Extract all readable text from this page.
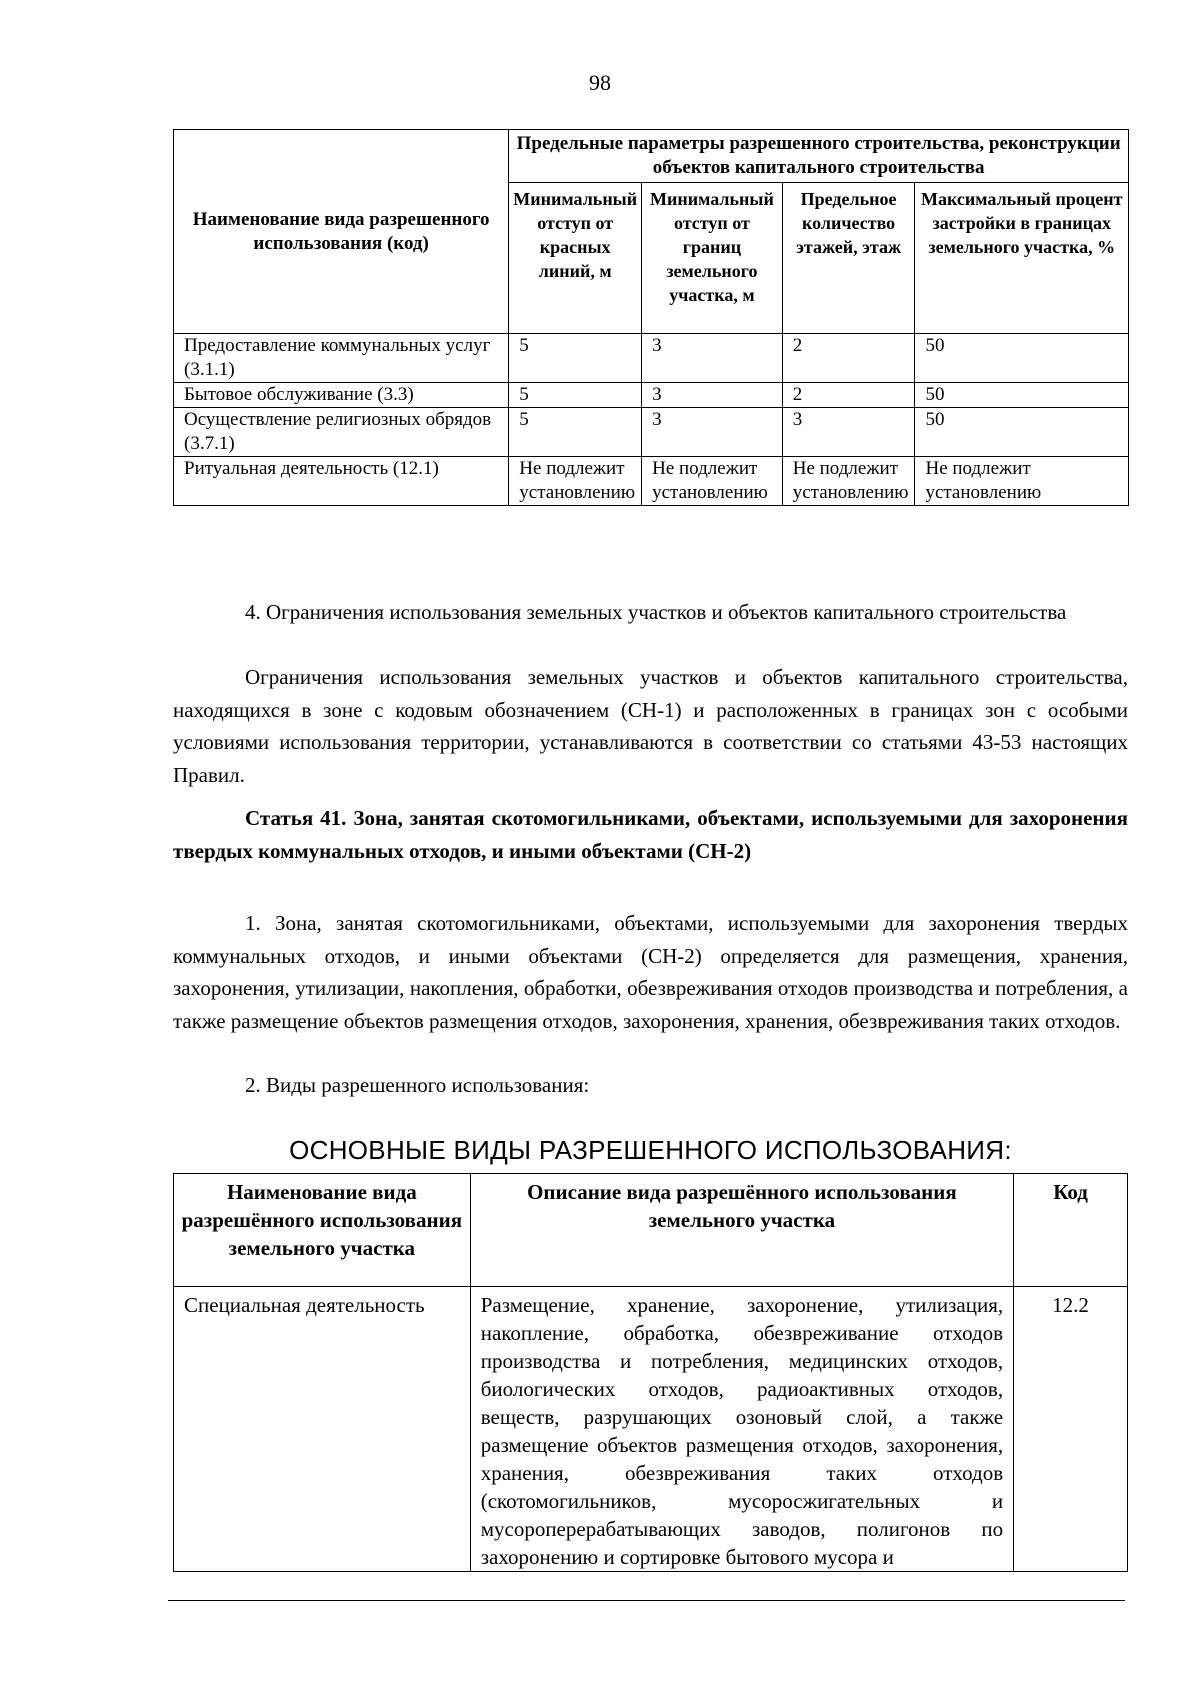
98
Наименование вида разрешенного использования (код)	Предельные параметры разрешенного строительства, реконструкции объектов капитального строительства			
	Минимальный отступ от красных линий, м	Минимальный отступ от границ земельного участка, м	Предельное количество этажей, этаж	Максимальный процент застройки в границах земельного участка, %
Предоставление коммунальных услуг (3.1.1)	5	3	2	50
Бытовое обслуживание (3.3)	5	3	2	50
Осуществление религиозных обрядов (3.7.1)	5	3	3	50
Ритуальная деятельность (12.1)	Не подлежит установлению	Не подлежит установлению	Не подлежит установлению	Не подлежит установлению
4. Ограничения использования земельных участков и объектов капитального строительства
Ограничения использования земельных участков и объектов капитального строительства, находящихся в зоне с кодовым обозначением (СН-1) и расположенных в границах зон с особыми условиями использования территории, устанавливаются в соответствии со статьями 43-53 настоящих Правил.
Статья 41. Зона, занятая скотомогильниками, объектами, используемыми для захоронения твердых коммунальных отходов, и иными объектами (СН-2)
1. Зона, занятая скотомогильниками, объектами, используемыми для захоронения твердых коммунальных отходов, и иными объектами (СН-2) определяется для размещения, хранения, захоронения, утилизации, накопления, обработки, обезвреживания отходов производства и потребления, а также размещение объектов размещения отходов, захоронения, хранения, обезвреживания таких отходов.
2. Виды разрешенного использования:
ОСНОВНЫЕ ВИДЫ РАЗРЕШЕННОГО ИСПОЛЬЗОВАНИЯ:
Наименование вида разрешённого использования земельного участка	Описание вида разрешённого использования земельного участка	Код
Специальная деятельность	Размещение, хранение, захоронение, утилизация, накопление, обработка, обезвреживание отходов производства и потребления, медицинских отходов, биологических отходов, радиоактивных отходов, веществ, разрушающих озоновый слой, а также размещение объектов размещения отходов, захоронения, хранения, обезвреживания таких отходов (скотомогильников, мусоросжигательных и мусороперерабатывающих заводов, полигонов по захоронению и сортировке бытового мусора и	12.2
